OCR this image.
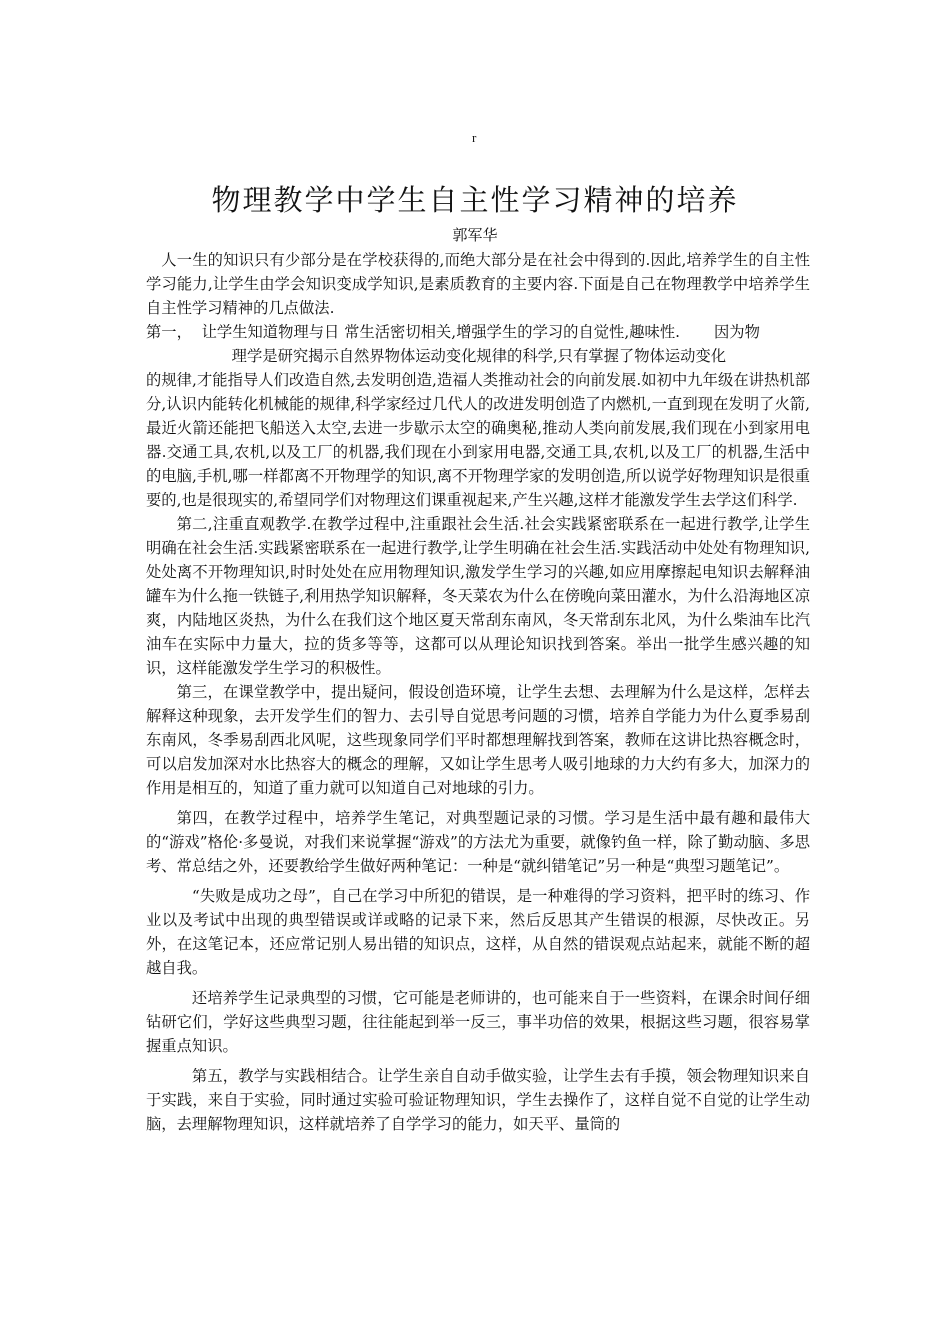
r
物理教学中学生自主性学习精神的培养
郭军华

人一生的知识只有少部分是在学校获得的,而绝大部分是在社会中得到的.因此,培养学生的自主性学习能力,让学生由学会知识变成学知识,是素质教育的主要内容.下面是自己在物理教学中培养学生自主性学习精神的几点做法.

第一，  让学生知道物理与日 常生活密切相关,增强学生的学习的自觉性,趣味性.       因为物

理学是研究揭示自然界物体运动变化规律的科学,只有掌握了物体运动变化

的规律,才能指导人们改造自然,去发明创造,造福人类推动社会的向前发展.如初中九年级在讲热机部分,认识内能转化机械能的规律,科学家经过几代人的改进发明创造了内燃机,一直到现在发明了火箭,最近火箭还能把飞船送入太空,去进一步歇示太空的确奥秘,推动人类向前发展,我们现在小到家用电器.交通工具,农机,以及工厂的机器,我们现在小到家用电器,交通工具,农机,以及工厂的机器,生活中的电脑,手机,哪一样都离不开物理学的知识,离不开物理学家的发明创造,所以说学好物理知识是很重要的,也是很现实的,希望同学们对物理这们课重视起来,产生兴趣,这样才能激发学生去学这们科学.

第二,注重直观教学.在教学过程中,注重跟社会生活.社会实践紧密联系在一起进行教学,让学生明确在社会生活.实践紧密联系在一起进行教学,让学生明确在社会生活.实践活动中处处有物理知识,处处离不开物理知识,时时处处在应用物理知识,激发学生学习的兴趣,如应用摩擦起电知识去解释油罐车为什么拖一铁链子,利用热学知识解释，冬天菜农为什么在傍晚向菜田灌水，为什么沿海地区凉爽，内陆地区炎热，为什么在我们这个地区夏天常刮东南风，冬天常刮东北风，为什么柴油车比汽油车在实际中力量大，拉的货多等等，这都可以从理论知识找到答案。举出一批学生感兴趣的知识，这样能激发学生学习的积极性。

第三，在课堂教学中，提出疑问，假设创造环境，让学生去想、去理解为什么是这样，怎样去解释这种现象，去开发学生们的智力、去引导自觉思考问题的习惯，培养自学能力为什么夏季易刮东南风，冬季易刮西北风呢，这些现象同学们平时都想理解找到答案，教师在这讲比热容概念时，可以启发加深对水比热容大的概念的理解，又如让学生思考人吸引地球的力大约有多大，加深力的作用是相互的，知道了重力就可以知道自己对地球的引力。

第四，在教学过程中，培养学生笔记，对典型题记录的习惯。学习是生活中最有趣和最伟大的“游戏”格伦·多曼说，对我们来说掌握“游戏”的方法尤为重要，就像钓鱼一样，除了勤动脑、多思考、常总结之外，还要教给学生做好两种笔记：一种是“就纠错笔记”另一种是“典型习题笔记”。

“失败是成功之母”，自己在学习中所犯的错误，是一种难得的学习资料，把平时的练习、作业以及考试中出现的典型错误或详或略的记录下来，然后反思其产生错误的根源，尽快改正。另外，在这笔记本，还应常记别人易出错的知识点，这样，从自然的错误观点站起来，就能不断的超越自我。

还培养学生记录典型的习惯，它可能是老师讲的，也可能来自于一些资料，在课余时间仔细钻研它们，学好这些典型习题，往往能起到举一反三，事半功倍的效果，根据这些习题，很容易掌握重点知识。

第五，教学与实践相结合。让学生亲自自动手做实验，让学生去有手摸，领会物理知识来自于实践，来自于实验，同时通过实验可验证物理知识，学生去操作了，这样自觉不自觉的让学生动脑，去理解物理知识，这样就培养了自学学习的能力，如天平、量筒的
